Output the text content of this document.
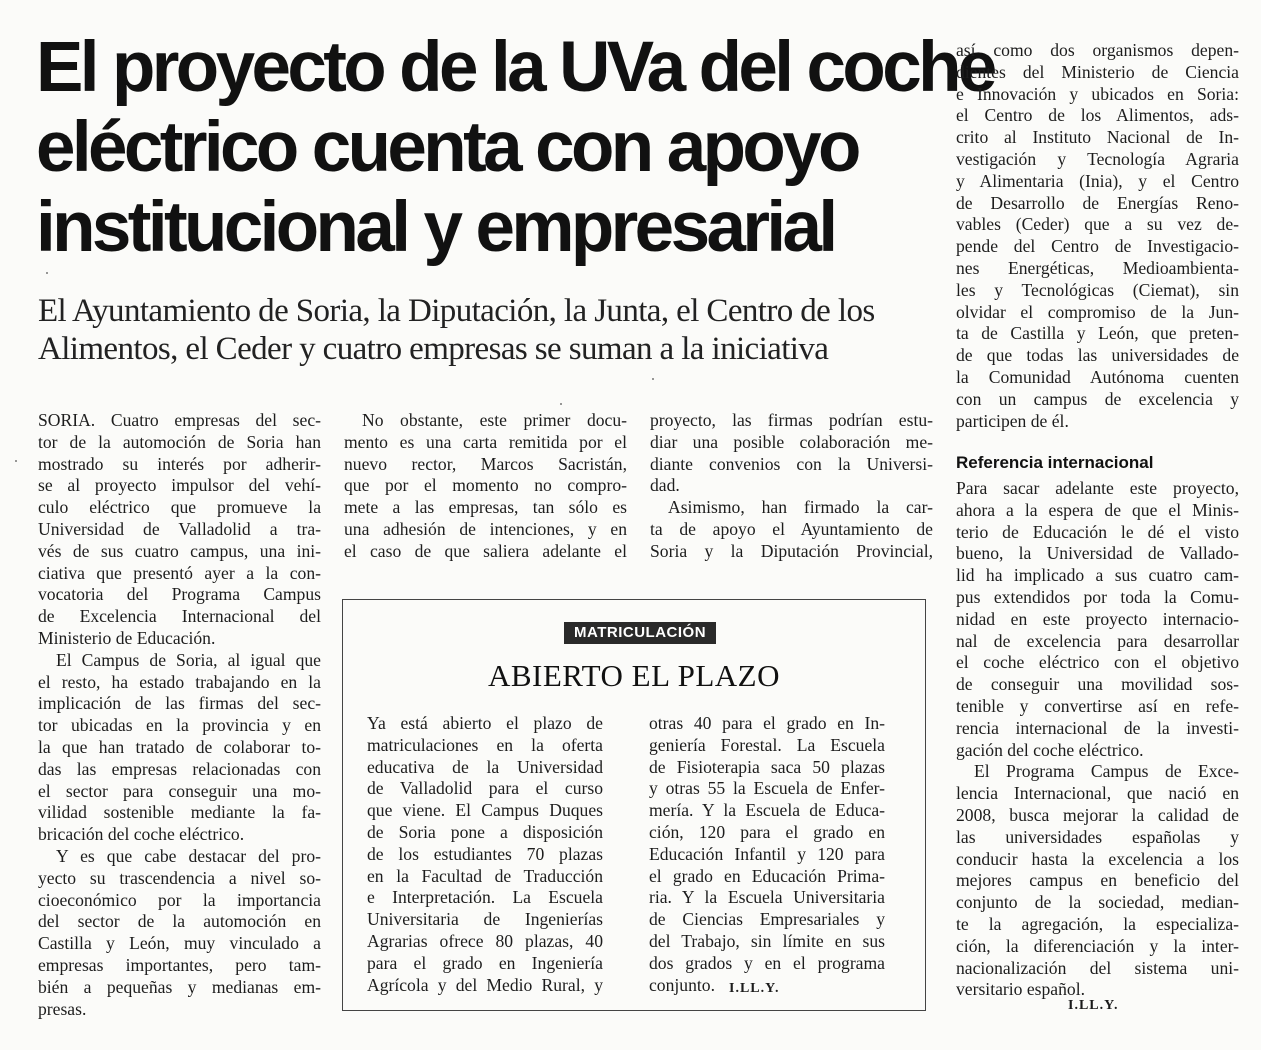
El proyecto de la UVa del coche
eléctrico cuenta con apoyo
institucional y empresarial
El Ayuntamiento de Soria, la Diputación, la Junta, el Centro de los
Alimentos, el Ceder y cuatro empresas se suman a la iniciativa
SORIA. Cuatro empresas del sec-
tor de la automoción de Soria han
mostrado su interés por adherir-
se al proyecto impulsor del vehí-
culo eléctrico que promueve la
Universidad de Valladolid a tra-
vés de sus cuatro campus, una ini-
ciativa que presentó ayer a la con-
vocatoria del Programa Campus
de Excelencia Internacional del
Ministerio de Educación.
El Campus de Soria, al igual que
el resto, ha estado trabajando en la
implicación de las firmas del sec-
tor ubicadas en la provincia y en
la que han tratado de colaborar to-
das las empresas relacionadas con
el sector para conseguir una mo-
vilidad sostenible mediante la fa-
bricación del coche eléctrico.
Y es que cabe destacar del pro-
yecto su trascendencia a nivel so-
cioeconómico por la importancia
del sector de la automoción en
Castilla y León, muy vinculado a
empresas importantes, pero tam-
bién a pequeñas y medianas em-
presas.
No obstante, este primer docu-
mento es una carta remitida por el
nuevo rector, Marcos Sacristán,
que por el momento no compro-
mete a las empresas, tan sólo es
una adhesión de intenciones, y en
el caso de que saliera adelante el
proyecto, las firmas podrían estu-
diar una posible colaboración me-
diante convenios con la Universi-
dad.
Asimismo, han firmado la car-
ta de apoyo el Ayuntamiento de
Soria y la Diputación Provincial,
así como dos organismos depen-
dientes del Ministerio de Ciencia
e Innovación y ubicados en Soria:
el Centro de los Alimentos, ads-
crito al Instituto Nacional de In-
vestigación y Tecnología Agraria
y Alimentaria (Inia), y el Centro
de Desarrollo de Energías Reno-
vables (Ceder) que a su vez de-
pende del Centro de Investigacio-
nes Energéticas, Medioambienta-
les y Tecnológicas (Ciemat), sin
olvidar el compromiso de la Jun-
ta de Castilla y León, que preten-
de que todas las universidades de
la Comunidad Autónoma cuenten
con un campus de excelencia y
participen de él.
Referencia internacional
Para sacar adelante este proyecto,
ahora a la espera de que el Minis-
terio de Educación le dé el visto
bueno, la Universidad de Vallado-
lid ha implicado a sus cuatro cam-
pus extendidos por toda la Comu-
nidad en este proyecto internacio-
nal de excelencia para desarrollar
el coche eléctrico con el objetivo
de conseguir una movilidad sos-
tenible y convertirse así en refe-
rencia internacional de la investi-
gación del coche eléctrico.
El Programa Campus de Exce-
lencia Internacional, que nació en
2008, busca mejorar la calidad de
las universidades españolas y
conducir hasta la excelencia a los
mejores campus en beneficio del
conjunto de la sociedad, median-
te la agregación, la especializa-
ción, la diferenciación y la inter-
nacionalización del sistema uni-
versitario español.
I.LL.Y.
MATRICULACIÓN
ABIERTO EL PLAZO
Ya está abierto el plazo de
matriculaciones en la oferta
educativa de la Universidad
de Valladolid para el curso
que viene. El Campus Duques
de Soria pone a disposición
de los estudiantes 70 plazas
en la Facultad de Traducción
e Interpretación. La Escuela
Universitaria de Ingenierías
Agrarias ofrece 80 plazas, 40
para el grado en Ingeniería
Agrícola y del Medio Rural, y
otras 40 para el grado en In-
geniería Forestal. La Escuela
de Fisioterapia saca 50 plazas
y otras 55 la Escuela de Enfer-
mería. Y la Escuela de Educa-
ción, 120 para el grado en
Educación Infantil y 120 para
el grado en Educación Prima-
ria. Y la Escuela Universitaria
de Ciencias Empresariales y
del Trabajo, sin límite en sus
dos grados y en el programa
conjunto.	I.LL.Y.
